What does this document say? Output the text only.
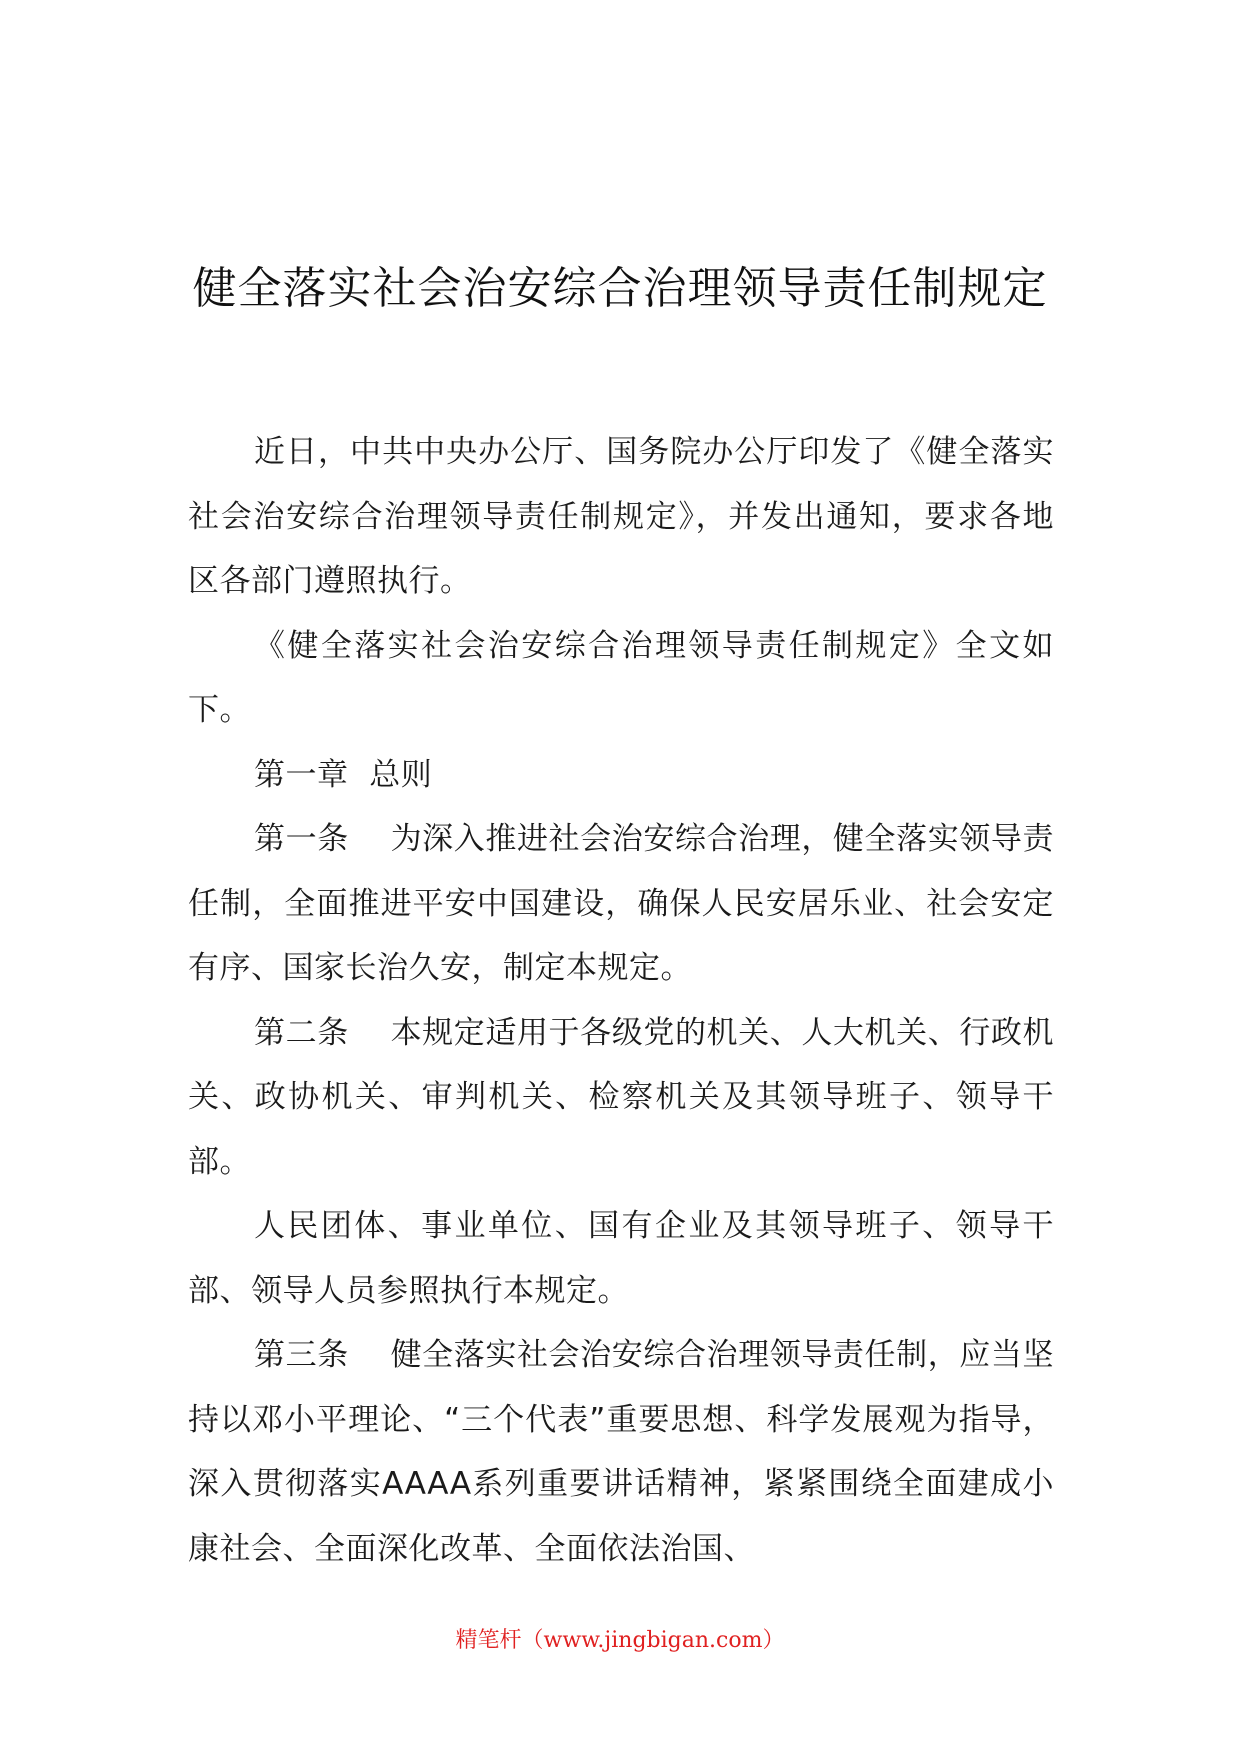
健全落实社会治安综合治理领导责任制规定

近日，中共中央办公厅、国务院办公厅印发了《健全落实社会治安综合治理领导责任制规定》，并发出通知，要求各地区各部门遵照执行。

《健全落实社会治安综合治理领导责任制规定》全文如下。

第一章  总则

第一条    为深入推进社会治安综合治理，健全落实领导责任制，全面推进平安中国建设，确保人民安居乐业、社会安定有序、国家长治久安，制定本规定。

第二条    本规定适用于各级党的机关、人大机关、行政机关、政协机关、审判机关、检察机关及其领导班子、领导干部。

人民团体、事业单位、国有企业及其领导班子、领导干部、领导人员参照执行本规定。

第三条    健全落实社会治安综合治理领导责任制，应当坚持以邓小平理论、“三个代表”重要思想、科学发展观为指导，深入贯彻落实AAAA系列重要讲话精神，紧紧围绕全面建成小康社会、全面深化改革、全面依法治国、

精笔杆（www.jingbigan.com）
